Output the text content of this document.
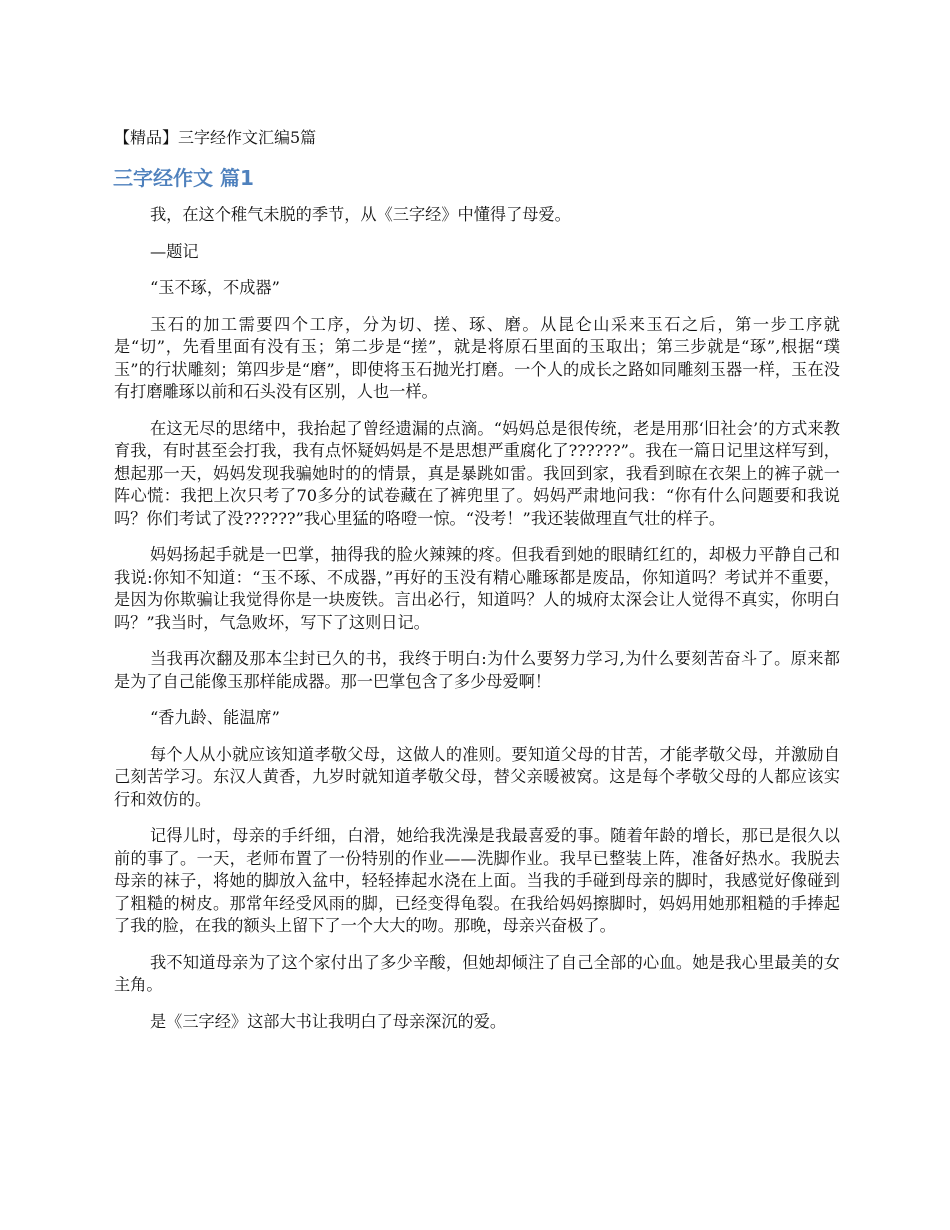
【精品】三字经作文汇编5篇
三字经作文 篇1

我，在这个稚气未脱的季节，从《三字经》中懂得了母爱。

—题记

“玉不琢，不成器”

玉石的加工需要四个工序，分为切、搓、琢、磨。从昆仑山采来玉石之后，第一步工序就是“切”，先看里面有没有玉；第二步是“搓”，就是将原石里面的玉取出；第三步就是“琢”,根据“璞玉”的行状雕刻；第四步是“磨”，即使将玉石抛光打磨。一个人的成长之路如同雕刻玉器一样，玉在没有打磨雕琢以前和石头没有区别，人也一样。

在这无尽的思绪中，我抬起了曾经遗漏的点滴。“妈妈总是很传统，老是用那‘旧社会’的方式来教育我，有时甚至会打我，我有点怀疑妈妈是不是思想严重腐化了??????”。我在一篇日记里这样写到，想起那一天，妈妈发现我骗她时的的情景，真是暴跳如雷。我回到家，我看到晾在衣架上的裤子就一阵心慌：我把上次只考了70多分的试卷藏在了裤兜里了。妈妈严肃地问我：“你有什么问题要和我说吗？你们考试了没??????”我心里猛的咯噔一惊。“没考！”我还装做理直气壮的样子。

妈妈扬起手就是一巴掌，抽得我的脸火辣辣的疼。但我看到她的眼睛红红的，却极力平静自己和我说:你知不知道：“玉不琢、不成器，”再好的玉没有精心雕琢都是废品，你知道吗？考试并不重要，是因为你欺骗让我觉得你是一块废铁。言出必行，知道吗？人的城府太深会让人觉得不真实，你明白吗？”我当时，气急败坏，写下了这则日记。

当我再次翻及那本尘封已久的书，我终于明白:为什么要努力学习,为什么要刻苦奋斗了。原来都是为了自己能像玉那样能成器。那一巴掌包含了多少母爱啊！

“香九龄、能温席”

每个人从小就应该知道孝敬父母，这做人的准则。要知道父母的甘苦，才能孝敬父母，并激励自己刻苦学习。东汉人黄香，九岁时就知道孝敬父母，替父亲暖被窝。这是每个孝敬父母的人都应该实行和效仿的。

记得儿时，母亲的手纤细，白滑，她给我洗澡是我最喜爱的事。随着年龄的增长，那已是很久以前的事了。一天，老师布置了一份特别的作业——洗脚作业。我早已整装上阵，准备好热水。我脱去母亲的袜子，将她的脚放入盆中，轻轻捧起水浇在上面。当我的手碰到母亲的脚时，我感觉好像碰到了粗糙的树皮。那常年经受风雨的脚，已经变得龟裂。在我给妈妈擦脚时，妈妈用她那粗糙的手捧起了我的脸，在我的额头上留下了一个大大的吻。那晚，母亲兴奋极了。

我不知道母亲为了这个家付出了多少辛酸，但她却倾注了自己全部的心血。她是我心里最美的女主角。

是《三字经》这部大书让我明白了母亲深沉的爱。
